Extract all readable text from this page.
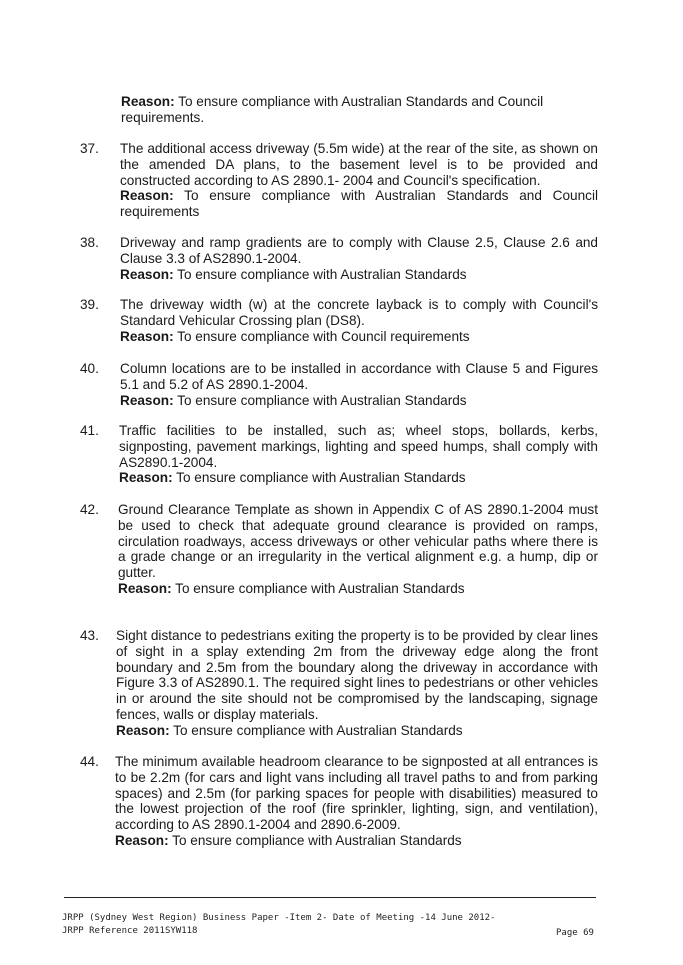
Reason: To ensure compliance with Australian Standards and Council requirements.
37. The additional access driveway (5.5m wide) at the rear of the site, as shown on the amended DA plans, to the basement level is to be provided and constructed according to AS 2890.1- 2004 and Council's specification.
Reason: To ensure compliance with Australian Standards and Council requirements
38. Driveway and ramp gradients are to comply with Clause 2.5, Clause 2.6 and Clause 3.3 of AS2890.1-2004.
Reason: To ensure compliance with Australian Standards
39. The driveway width (w) at the concrete layback is to comply with Council's Standard Vehicular Crossing plan (DS8).
Reason: To ensure compliance with Council requirements
40. Column locations are to be installed in accordance with Clause 5 and Figures 5.1 and 5.2 of AS 2890.1-2004.
Reason: To ensure compliance with Australian Standards
41. Traffic facilities to be installed, such as; wheel stops, bollards, kerbs, signposting, pavement markings, lighting and speed humps, shall comply with AS2890.1-2004.
Reason: To ensure compliance with Australian Standards
42. Ground Clearance Template as shown in Appendix C of AS 2890.1-2004 must be used to check that adequate ground clearance is provided on ramps, circulation roadways, access driveways or other vehicular paths where there is a grade change or an irregularity in the vertical alignment e.g. a hump, dip or gutter.
Reason: To ensure compliance with Australian Standards
43. Sight distance to pedestrians exiting the property is to be provided by clear lines of sight in a splay extending 2m from the driveway edge along the front boundary and 2.5m from the boundary along the driveway in accordance with Figure 3.3 of AS2890.1. The required sight lines to pedestrians or other vehicles in or around the site should not be compromised by the landscaping, signage fences, walls or display materials.
Reason: To ensure compliance with Australian Standards
44. The minimum available headroom clearance to be signposted at all entrances is to be 2.2m (for cars and light vans including all travel paths to and from parking spaces) and 2.5m (for parking spaces for people with disabilities) measured to the lowest projection of the roof (fire sprinkler, lighting, sign, and ventilation), according to AS 2890.1-2004 and 2890.6-2009.
Reason: To ensure compliance with Australian Standards
JRPP (Sydney West Region) Business Paper -Item 2- Date of Meeting -14 June 2012-
JRPP Reference 2011SYW118	Page 69
